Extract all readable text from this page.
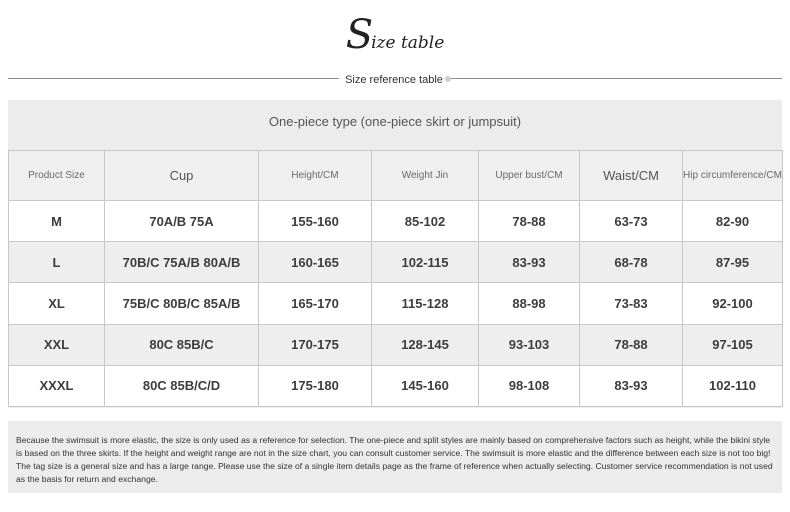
Size table
Size reference table
One-piece type (one-piece skirt or jumpsuit)
Product Size	Cup	Height/CM	Weight Jin	Upper bust/CM	Waist/CM	Hip circumference/CM
M	70A/B 75A	155-160	85-102	78-88	63-73	82-90
L	70B/C 75A/B 80A/B	160-165	102-115	83-93	68-78	87-95
XL	75B/C 80B/C 85A/B	165-170	115-128	88-98	73-83	92-100
XXL	80C 85B/C	170-175	128-145	93-103	78-88	97-105
XXXL	80C 85B/C/D	175-180	145-160	98-108	83-93	102-110
Because the swimsuit is more elastic, the size is only used as a reference for selection. The one-piece and split styles are mainly based on comprehensive factors such as height, while the bikini style is based on the three skirts. If the height and weight range are not in the size chart, you can consult customer service. The swimsuit is more elastic and the difference between each size is not too big! The tag size is a general size and has a large range. Please use the size of a single item details page as the frame of reference when actually selecting. Customer service recommendation is not used as the basis for return and exchange.
